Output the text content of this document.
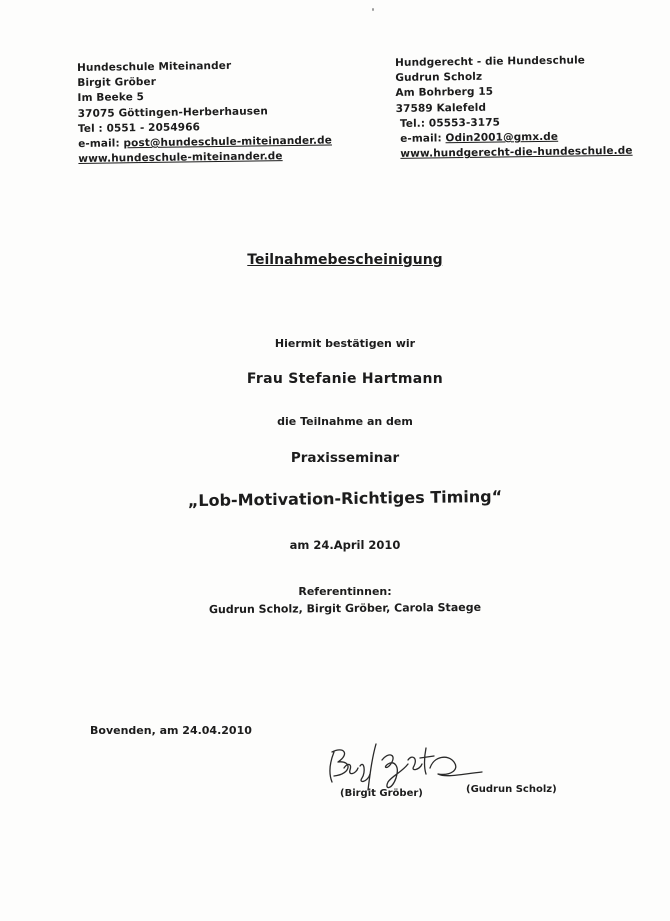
Hundeschule Miteinander
Birgit Gröber
Im Beeke 5
37075 Göttingen-Herberhausen
Tel : 0551 - 2054966
e-mail: post@hundeschule-miteinander.de
www.hundeschule-miteinander.de
Hundgerecht - die Hundeschule
Gudrun Scholz
Am Bohrberg 15
37589 Kalefeld
Tel.: 05553-3175
e-mail: Odin2001@gmx.de
www.hundgerecht-die-hundeschule.de
Teilnahmebescheinigung
Hiermit bestätigen wir
Frau Stefanie Hartmann
die Teilnahme an dem
Praxisseminar
„Lob-Motivation-Richtiges Timing“
am 24.April 2010
Referentinnen:
Gudrun Scholz, Birgit Gröber, Carola Staege
Bovenden, am 24.04.2010
(Birgit Gröber)	(Gudrun Scholz)
